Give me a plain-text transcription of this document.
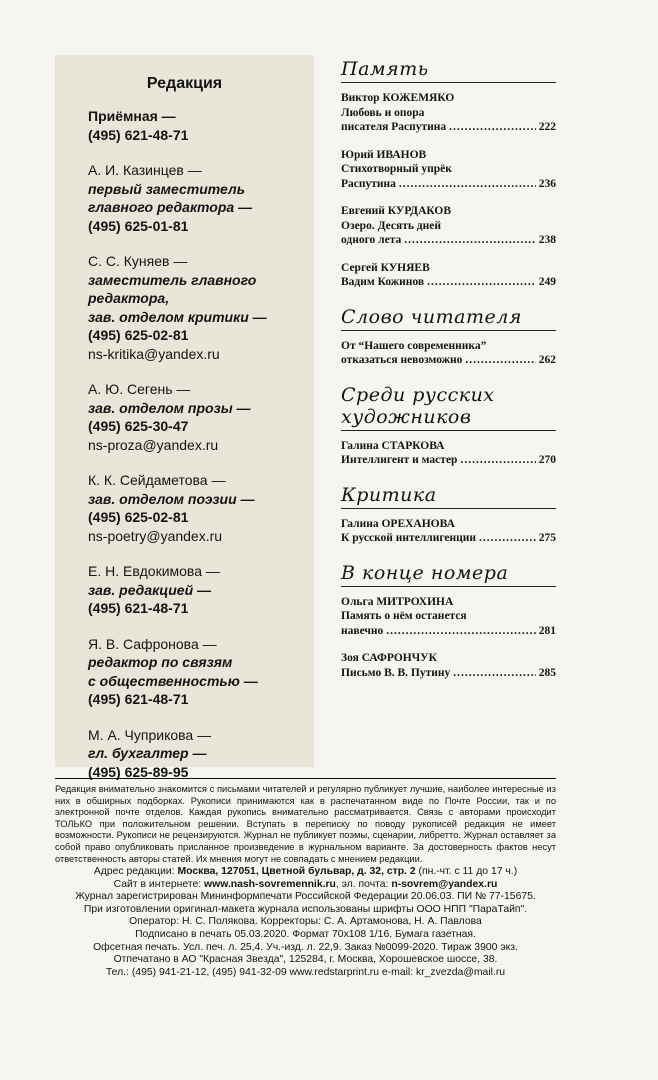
Редакция
Приёмная —
(495) 621-48-71
А. И. Казинцев —
первый заместитель
главного редактора —
(495) 625-01-81
С. С. Куняев —
заместитель главного
редактора,
зав. отделом критики —
(495) 625-02-81
ns-kritika@yandex.ru
А. Ю. Сегень —
зав. отделом прозы —
(495) 625-30-47
ns-proza@yandex.ru
К. К. Сейдаметова —
зав. отделом поэзии —
(495) 625-02-81
ns-poetry@yandex.ru
Е. Н. Евдокимова —
зав. редакцией —
(495) 621-48-71
Я. В. Сафронова —
редактор по связям
с общественностью —
(495) 621-48-71
М. А. Чуприкова —
гл. бухгалтер —
(495) 625-89-95
Память
Виктор КОЖЕМЯКО
Любовь и опора
писателя Распутина .....	222
Юрий ИВАНОВ
Стихотворный упрёк
Распутина .....	236
Евгений КУРДАКОВ
Озеро. Десять дней
одного лета .....	238
Сергей КУНЯЕВ
Вадим Кожинов .....	249
Слово читателя
От “Нашего современника”
отказаться невозможно .....	262
Среди русских
художников
Галина СТАРКОВА
Интеллигент и мастер .....	270
Критика
Галина ОРЕХАНОВА
К русской интеллигенции .....	275
В конце номера
Ольга МИТРОХИНА
Память о нём останется
навечно .....	281
Зоя САФРОНЧУК
Письмо В. В. Путину .....	285
Редакция внимательно знакомится с письмами читателей и регулярно публикует лучшие, наиболее интересные из них в обширных подборках. Рукописи принимаются как в распечатанном виде по Почте России, так и по электронной почте отделов. Каждая рукопись внимательно рассматривается. Связь с авторами происходит ТОЛЬКО при положительном решении. Вступать в переписку по поводу рукописей редакция не имеет возможности. Рукописи не рецензируются. Журнал не публикует поэмы, сценарии, либретто. Журнал оставляет за собой право опубликовать присланное произведение в журнальном варианте. За достоверность фактов несут ответственность авторы статей. Их мнения могут не совпадать с мнением редакции.
Адрес редакции: Москва, 127051, Цветной бульвар, д. 32, стр. 2 (пн.-чт. с 11 до 17 ч.)
Сайт в интернете: www.nash-sovremennik.ru, эл. почта: n-sovrem@yandex.ru
Журнал зарегистрирован Мининформпечати Российской Федерации 20.06.03. ПИ № 77-15675.
При изготовлении оригинал-макета журнала использованы шрифты ООО НПП "ПараТайп".
Оператор: Н. С. Полякова. Корректоры: С. А. Артамонова, Н. А. Павлова
Подписано в печать 05.03.2020. Формат 70х108 1/16. Бумага газетная.
Офсетная печать. Усл. печ. л. 25,4. Уч.-изд. л. 22,9. Заказ №0099-2020. Тираж 3900 экз.
Отпечатано в АО "Красная Звезда", 125284, г. Москва, Хорошевское шоссе, 38.
Тел.: (495) 941-21-12, (495) 941-32-09 www.redstarprint.ru e-mail: kr_zvezda@mail.ru
